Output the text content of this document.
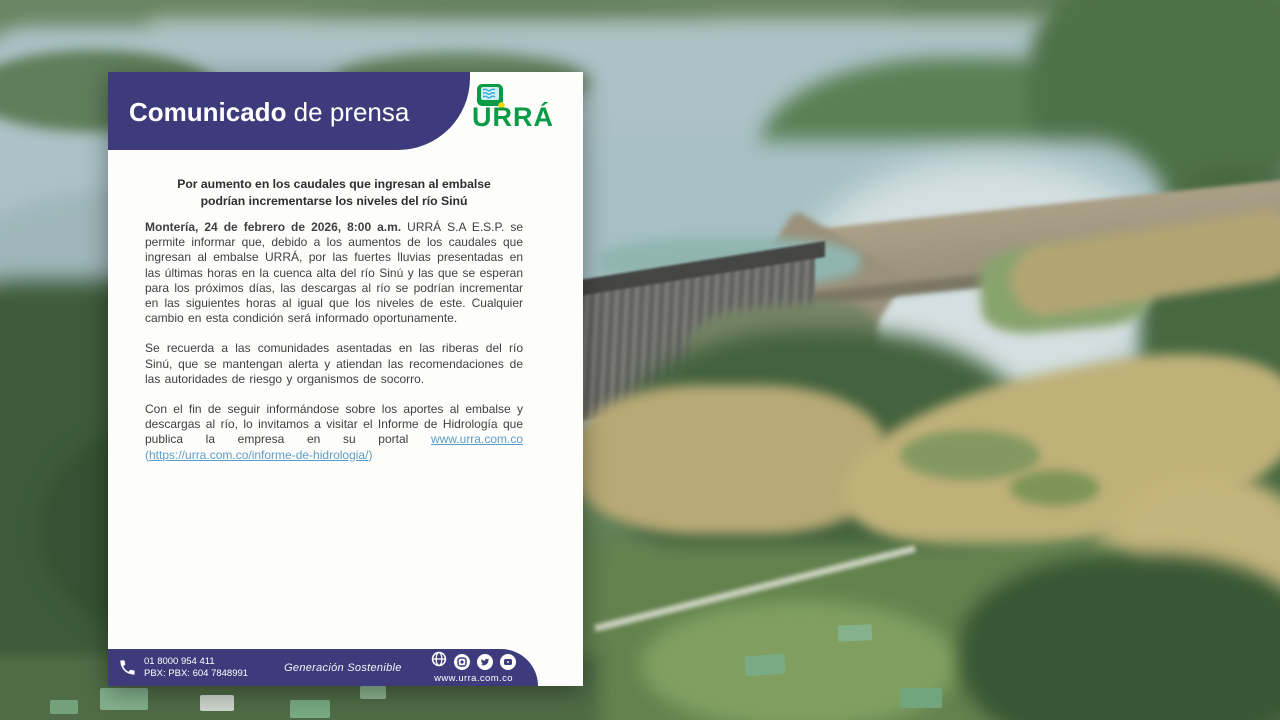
Comunicado de prensa URRÁ
Por aumento en los caudales que ingresan al embalse
podrían incrementarse los niveles del río Sinú

Montería, 24 de febrero de 2026, 8:00 a.m. URRÁ S.A E.S.P. se permite informar que, debido a los aumentos de los caudales que ingresan al embalse URRÁ, por las fuertes lluvias presentadas en las últimas horas en la cuenca alta del río Sinú y las que se esperan para los próximos días, las descargas al río se podrían incrementar en las siguientes horas al igual que los niveles de este. Cualquier cambio en esta condición será informado oportunamente.

Se recuerda a las comunidades asentadas en las riberas del río Sinú, que se mantengan alerta y atiendan las recomendaciones de las autoridades de riesgo y organismos de socorro.

Con el fin de seguir informándose sobre los aportes al embalse y descargas al río, lo invitamos a visitar el Informe de Hidrología que publica la empresa en su portal www.urra.com.co (https://urra.com.co/informe-de-hidrologia/)

01 8000 954 411
PBX: PBX: 604 7848991	Generación Sostenible
www.urra.com.co
